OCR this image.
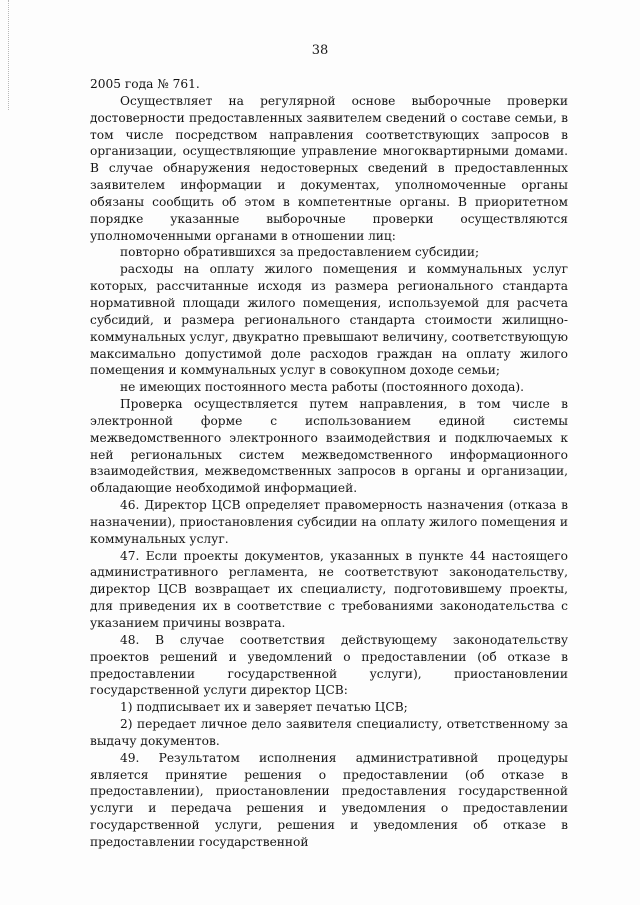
38

2005 года № 761.

Осуществляет на регулярной основе выборочные проверки достоверности предоставленных заявителем сведений о составе семьи, в том числе посредством направления соответствующих запросов в организации, осуществляющие управление многоквартирными домами. В случае обнаружения недостоверных сведений в предоставленных заявителем информации и документах, уполномоченные органы обязаны сообщить об этом в компетентные органы. В приоритетном порядке указанные выборочные проверки осуществляются уполномоченными органами в отношении лиц:

повторно обратившихся за предоставлением субсидии;

расходы на оплату жилого помещения и коммунальных услуг которых, рассчитанные исходя из размера регионального стандарта нормативной площади жилого помещения, используемой для расчета субсидий, и размера регионального стандарта стоимости жилищно-коммунальных услуг, двукратно превышают величину, соответствующую максимально допустимой доле расходов граждан на оплату жилого помещения и коммунальных услуг в совокупном доходе семьи;

не имеющих постоянного места работы (постоянного дохода).

Проверка осуществляется путем направления, в том числе в электронной форме с использованием единой системы межведомственного электронного взаимодействия и подключаемых к ней региональных систем межведомственного информационного взаимодействия, межведомственных запросов в органы и организации, обладающие необходимой информацией.

46. Директор ЦСВ определяет правомерность назначения (отказа в назначении), приостановления субсидии на оплату жилого помещения и коммунальных услуг.

47. Если проекты документов, указанных в пункте 44 настоящего административного регламента, не соответствуют законодательству, директор ЦСВ возвращает их специалисту, подготовившему проекты, для приведения их в соответствие с требованиями законодательства с указанием причины возврата.

48. В случае соответствия действующему законодательству проектов решений и уведомлений о предоставлении (об отказе в предоставлении государственной услуги), приостановлении государственной услуги директор ЦСВ:

1) подписывает их и заверяет печатью ЦСВ;

2) передает личное дело заявителя специалисту, ответственному за выдачу документов.

49. Результатом исполнения административной процедуры является принятие решения о предоставлении (об отказе в предоставлении), приостановлении предоставления государственной услуги и передача решения и уведомления о предоставлении государственной услуги, решения и уведомления об отказе в предоставлении государственной
